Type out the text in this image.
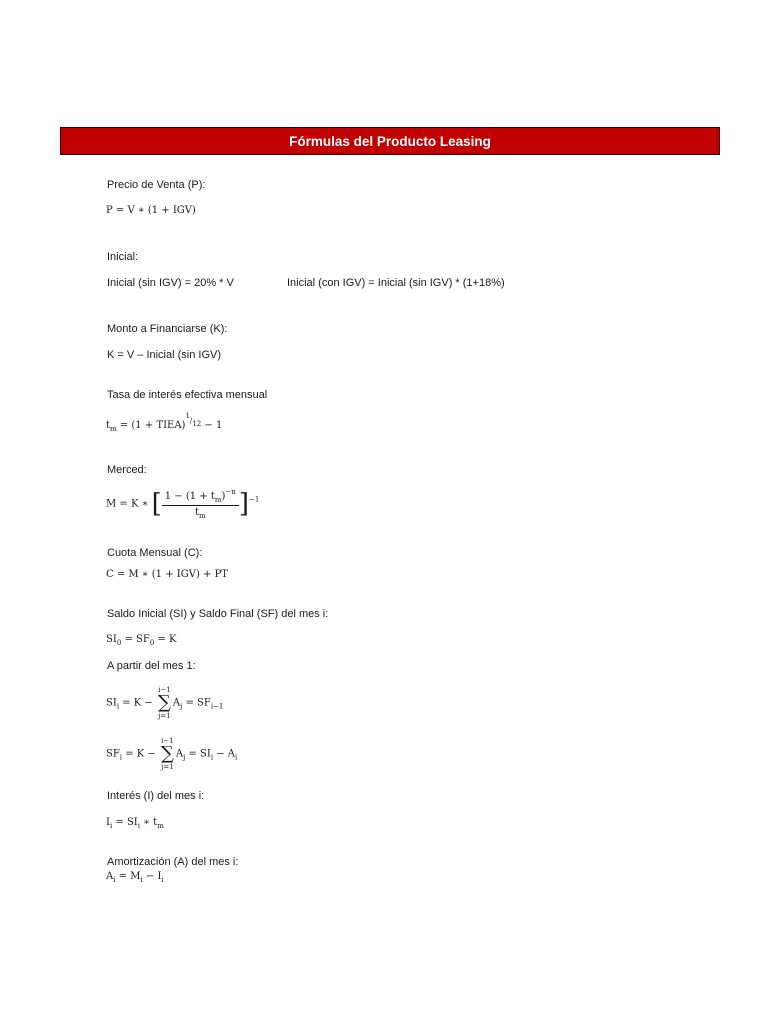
Fórmulas del Producto Leasing
Precio de Venta (P):
P = V ∗ (1 + IGV)
Inicial:
Inicial (sin IGV) = 20% * V	Inicial (con IGV) = Inicial (sin IGV) * (1+18%)
Monto a Financiarse (K):
K = V – Inicial (sin IGV)
Tasa de interés efectiva mensual
$t_m = (1$ + TIEA)$^{^1/_{12}}$ − 1
Merced:
M = K ∗ [ $\frac{1 - (1 + t_m)^{-n}}{t_m} ]^{-1}$
Cuota Mensual (C):
C = M ∗ (1 + IGV) + PT
Saldo Inicial (SI) y Saldo Final (SF) del mes i:
$SI_0 = SF_0 = K$
A partir del mes 1:
$SI_i = K$ −
i−1
∑
j=1
$A_j = SF_{i-1}$
$SF_i = K$ −
i−1
∑
j=1
$A_j = SI_i - A_i$
Interés (I) del mes i:
$I_i = SI_i$ ∗ $t_m$
Amortización (A) del mes i:
$A_i = M_i - I_i$
